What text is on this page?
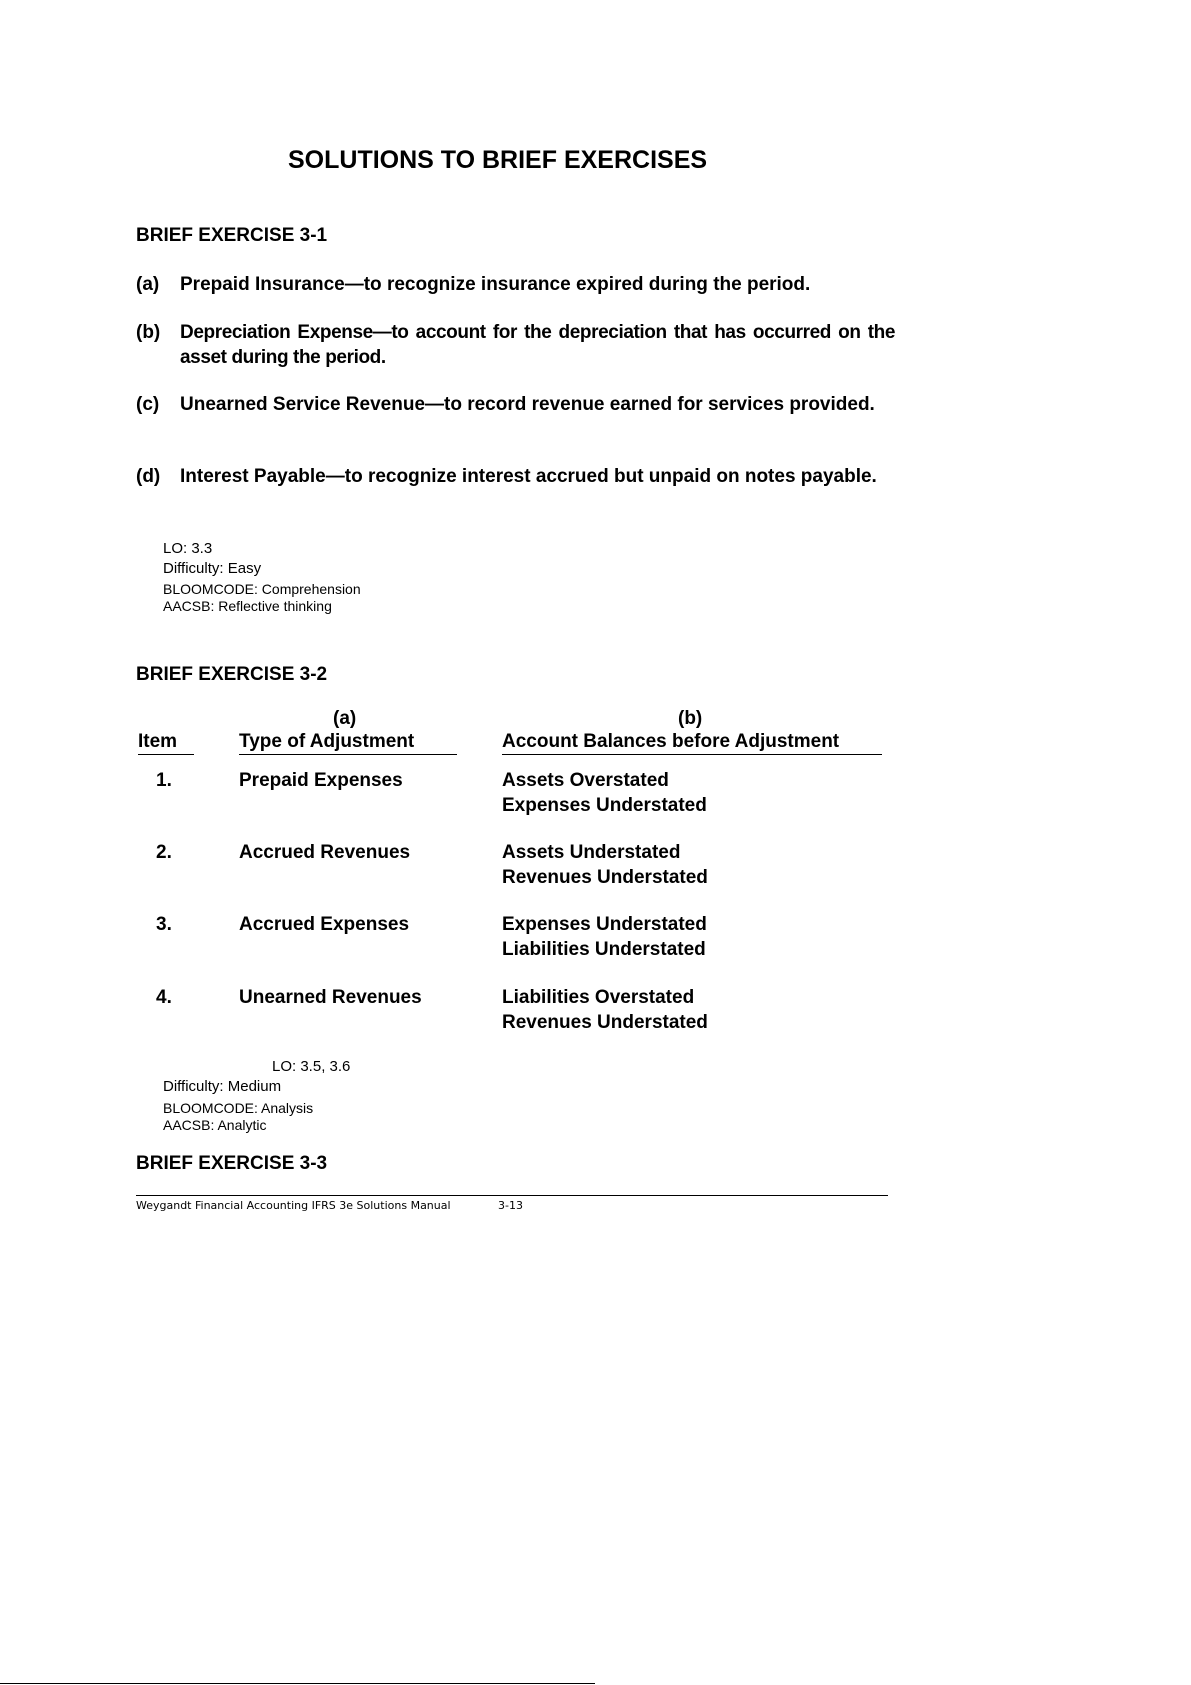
SOLUTIONS TO BRIEF EXERCISES
BRIEF EXERCISE 3-1
(a) Prepaid Insurance—to recognize insurance expired during the period.
(b) Depreciation Expense—to account for the depreciation that has occurred on the asset during the period.
(c) Unearned Service Revenue—to record revenue earned for services provided.
(d) Interest Payable—to recognize interest accrued but unpaid on notes payable.
LO: 3.3
Difficulty: Easy
BLOOMCODE: Comprehension
AACSB: Reflective thinking
BRIEF EXERCISE 3-2
(a)	(b)
Item	Type of Adjustment	Account Balances before Adjustment
1.	Prepaid Expenses	Assets Overstated
Expenses Understated
2.	Accrued Revenues	Assets Understated
Revenues Understated
3.	Accrued Expenses	Expenses Understated
Liabilities Understated
4.	Unearned Revenues	Liabilities Overstated
Revenues Understated
LO: 3.5, 3.6
Difficulty: Medium
BLOOMCODE: Analysis
AACSB: Analytic
BRIEF EXERCISE 3-3
Weygandt Financial Accounting IFRS 3e Solutions Manual	3-13
